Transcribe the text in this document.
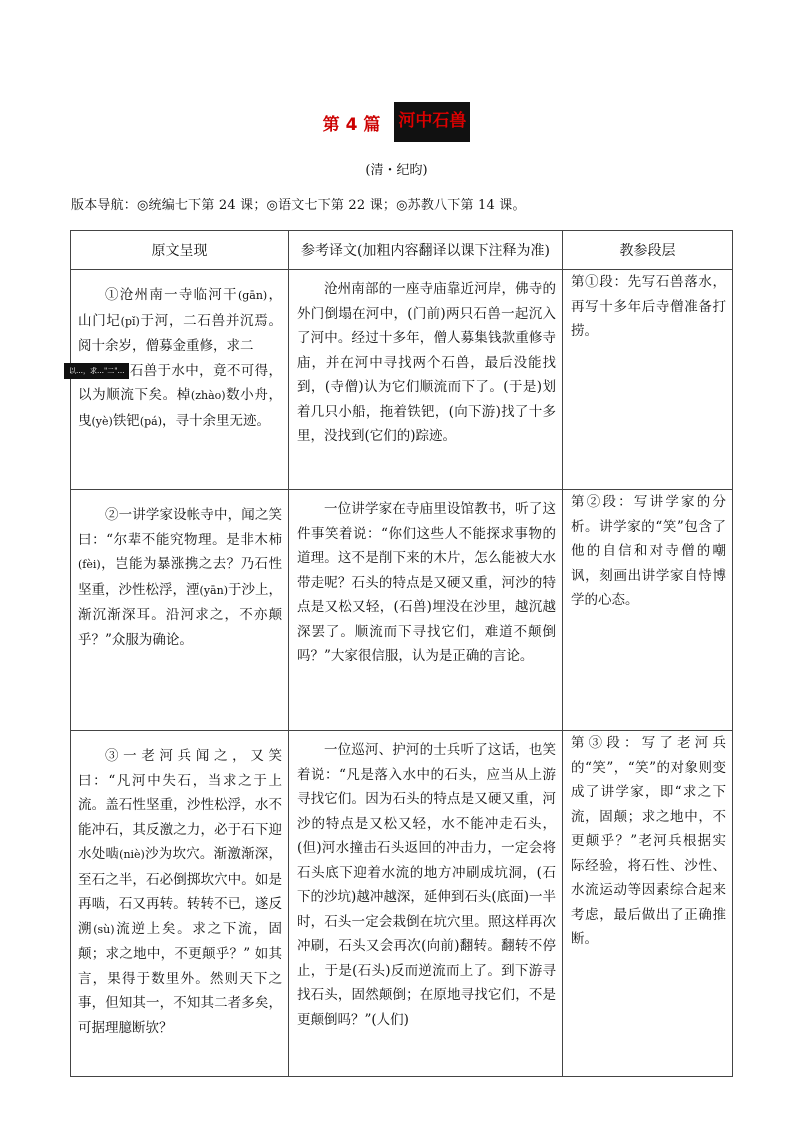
第 4 篇 河中石兽
(清・纪昀)
版本导航：◎统编七下第 24 课；◎语文七下第 22 课；◎苏教八下第 14 课。
原文呈现	参考译文(加粗内容翻译以课下注释为准)	教参段层
①沧州南一寺临河干(gān)，山门圮(pǐ)于河，二石兽并沉焉。阅十余岁，僧募金重修，求二
以…，求…"二"… 石兽于水中，竟不可得，以为顺流下矣。棹(zhào)数小舟，曳(yè)铁钯(pá)，寻十余里无迹。	沧州南部的一座寺庙靠近河岸，佛寺的外门倒塌在河中，(门前)两只石兽一起沉入了河中。经过十多年，僧人募集钱款重修寺庙，并在河中寻找两个石兽，最后没能找到，(寺僧)认为它们顺流而下了。(于是)划着几只小船，拖着铁钯，(向下游)找了十多里，没找到(它们的)踪迹。	第①段：先写石兽落水，再写十多年后寺僧准备打捞。
②一讲学家设帐寺中，闻之笑曰：“尔辈不能究物理。是非木柿(fèi)，岂能为暴涨携之去？乃石性坚重，沙性松浮，湮(yān)于沙上，渐沉渐深耳。沿河求之，不亦颠乎？”众服为确论。	一位讲学家在寺庙里设馆教书，听了这件事笑着说：“你们这些人不能探求事物的道理。这不是削下来的木片，怎么能被大水带走呢？石头的特点是又硬又重，河沙的特点是又松又轻，(石兽)埋没在沙里，越沉越深罢了。顺流而下寻找它们，难道不颠倒吗？”大家很信服，认为是正确的言论。	第②段：写讲学家的分析。讲学家的“笑”包含了他的自信和对寺僧的嘲讽，刻画出讲学家自恃博学的心态。
③一老河兵闻之，又笑曰：“凡河中失石，当求之于上流。盖石性坚重，沙性松浮，水不能冲石，其反激之力，必于石下迎水处啮(niè)沙为坎穴。渐激渐深，至石之半，石必倒掷坎穴中。如是再啮，石又再转。转转不已，遂反溯(sù)流逆上矣。求之下流，固颠；求之地中，不更颠乎？” 如其言，果得于数里外。然则天下之事，但知其一，不知其二者多矣，可据理臆断欤？	一位巡河、护河的士兵听了这话，也笑着说：“凡是落入水中的石头，应当从上游寻找它们。因为石头的特点是又硬又重，河沙的特点是又松又轻，水不能冲走石头，(但)河水撞击石头返回的冲击力，一定会将石头底下迎着水流的地方冲刷成坑洞，(石下的沙坑)越冲越深，延伸到石头(底面)一半时，石头一定会栽倒在坑穴里。照这样再次冲刷，石头又会再次(向前)翻转。翻转不停止，于是(石头)反而逆流而上了。到下游寻找石头，固然颠倒；在原地寻找它们，不是更颠倒吗？”(人们)	第③段：写了老河兵的“笑”，“笑”的对象则变成了讲学家，即“求之下流，固颠；求之地中，不更颠乎？”老河兵根据实际经验，将石性、沙性、水流运动等因素综合起来考虑，最后做出了正确推断。
